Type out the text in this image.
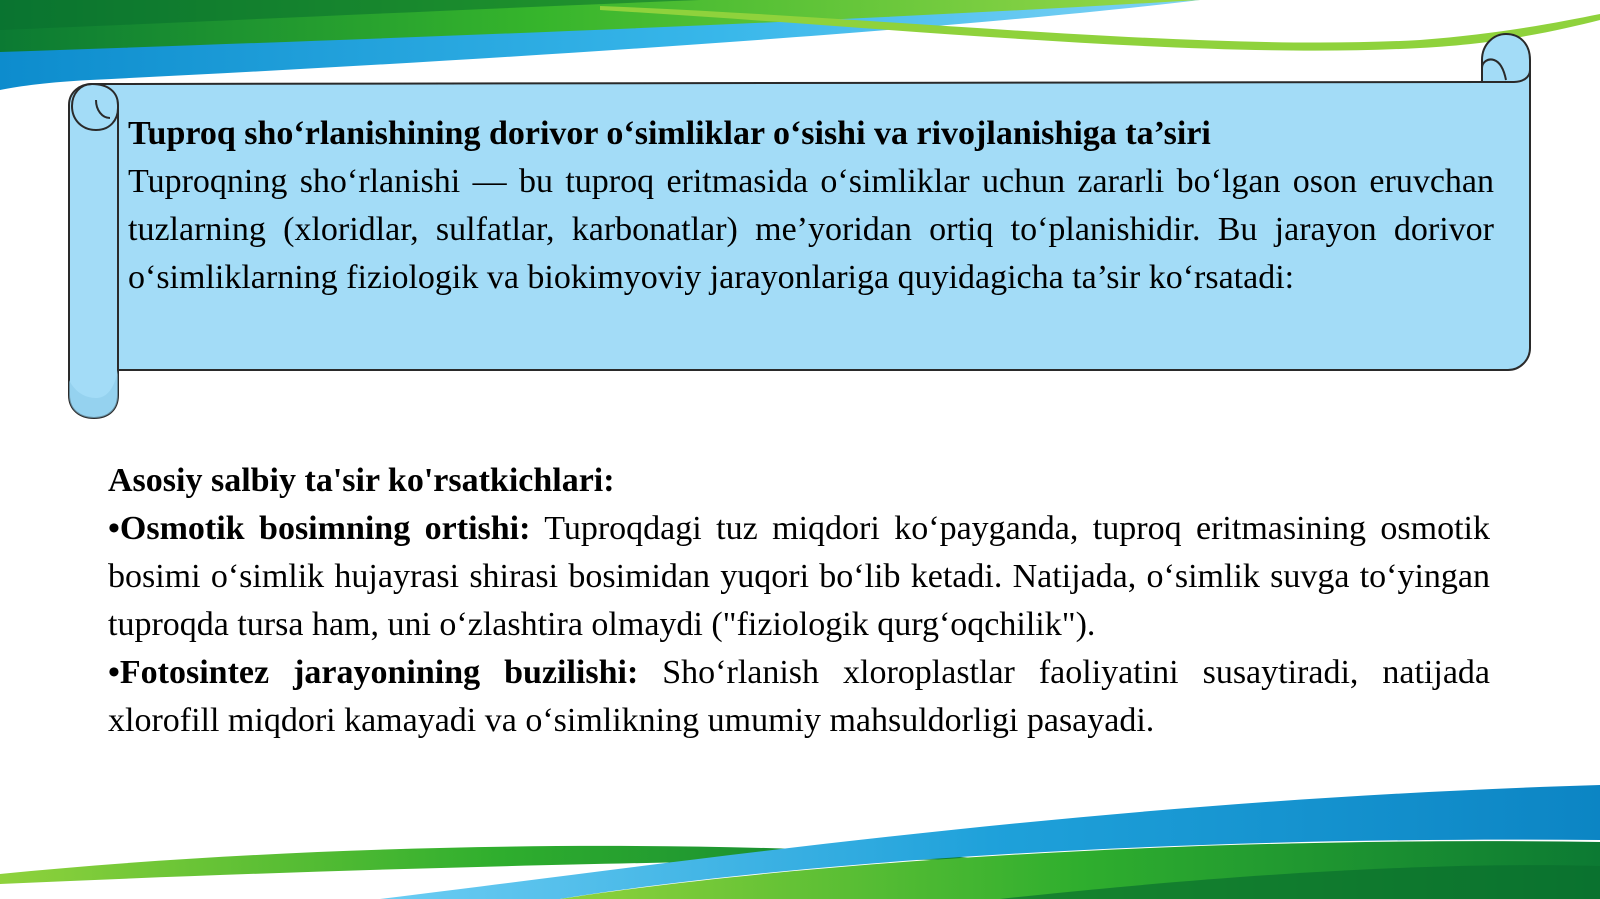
Tuproq sho‘rlanishining dorivor o‘simliklar o‘sishi va rivojlanishiga ta’siri
Tuproqning sho‘rlanishi — bu tuproq eritmasida o‘simliklar uchun zararli bo‘lgan oson eruvchan tuzlarning (xloridlar, sulfatlar, karbonatlar) me’yoridan ortiq to‘planishidir. Bu jarayon dorivor o‘simliklarning fiziologik va biokimyoviy jarayonlariga quyidagicha ta’sir ko‘rsatadi:
Asosiy salbiy ta'sir ko'rsatkichlari:
•Osmotik bosimning ortishi: Tuproqdagi tuz miqdori ko‘payganda, tuproq eritmasining osmotik bosimi o‘simlik hujayrasi shirasi bosimidan yuqori bo‘lib ketadi. Natijada, o‘simlik suvga to‘yingan tuproqda tursa ham, uni o‘zlashtira olmaydi ("fiziologik qurg‘oqchilik").
•Fotosintez jarayonining buzilishi: Sho‘rlanish xloroplastlar faoliyatini susaytiradi, natijada xlorofill miqdori kamayadi va o‘simlikning umumiy mahsuldorligi pasayadi.
